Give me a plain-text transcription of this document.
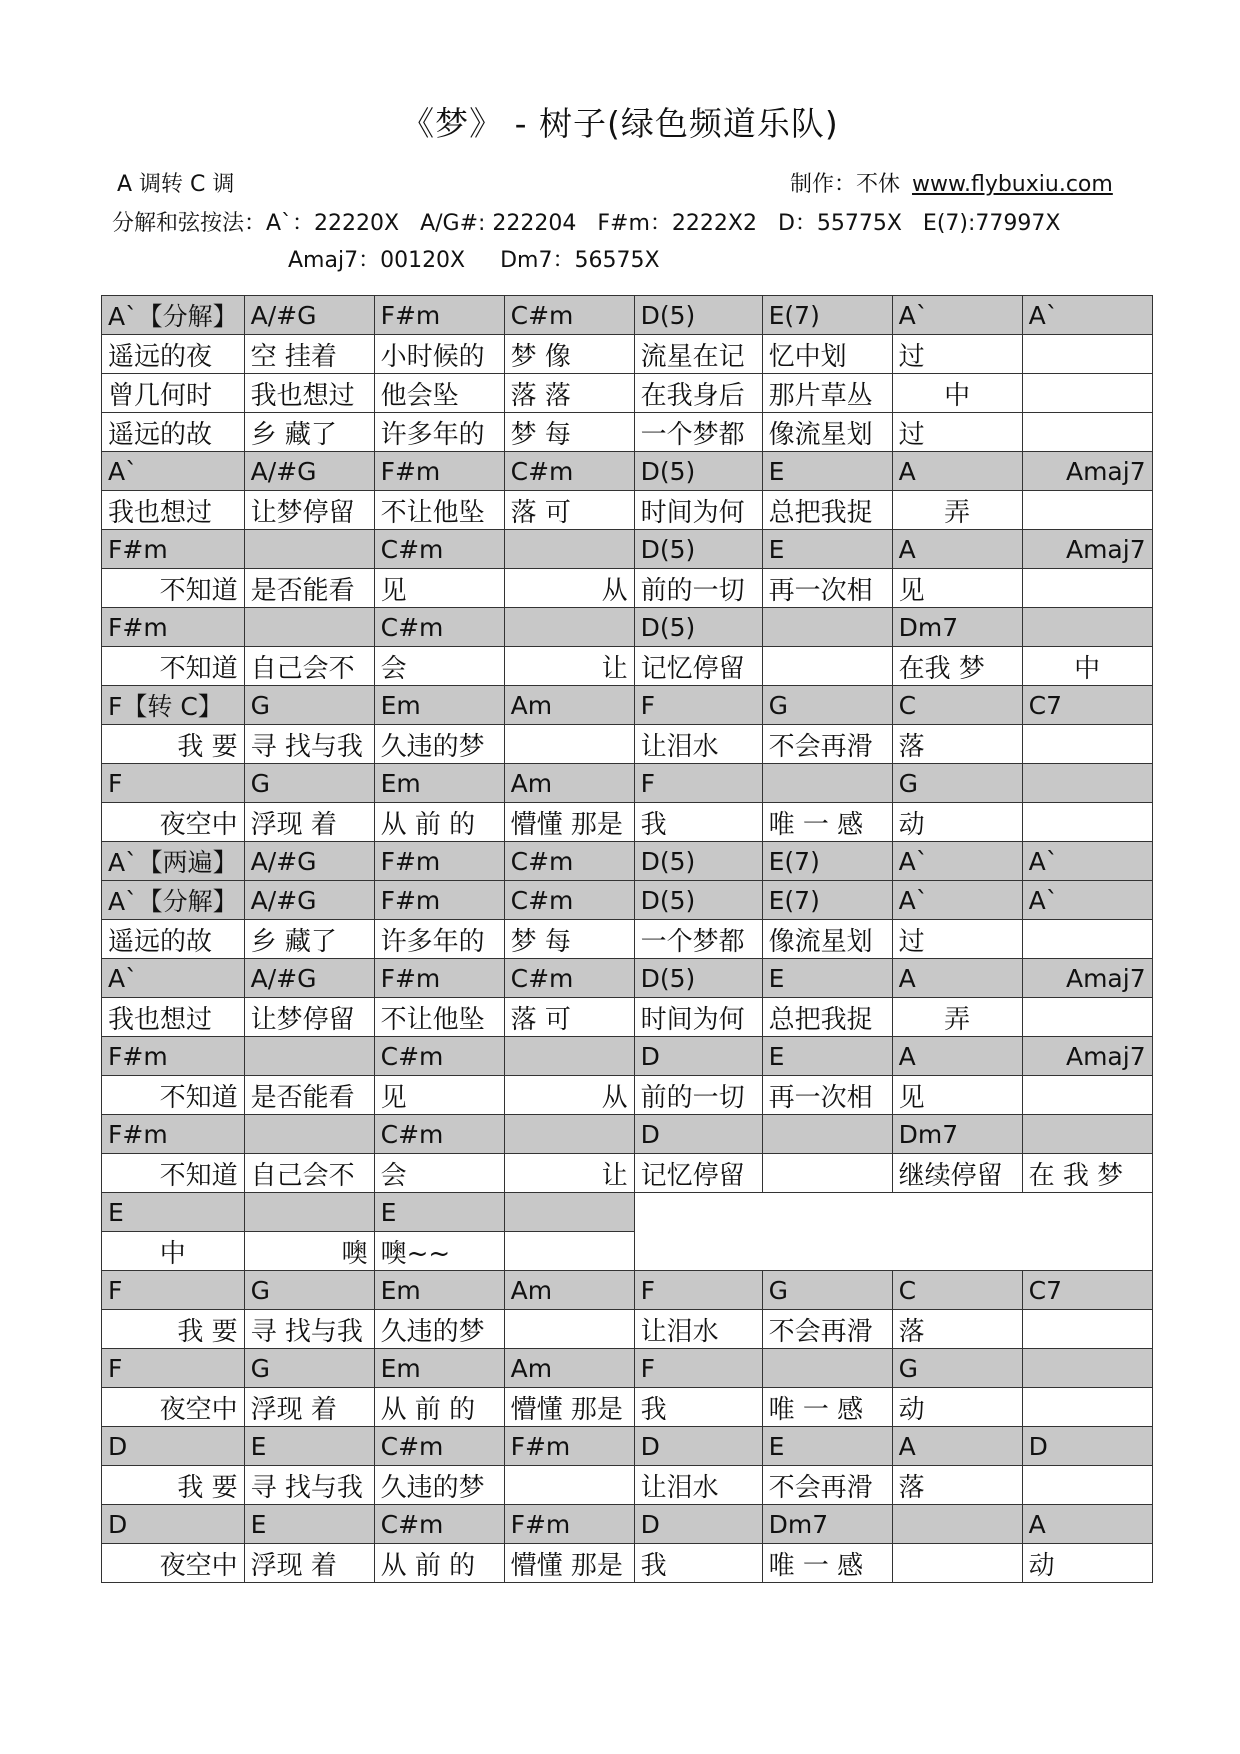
《梦》 - 树子(绿色频道乐队)
A 调转 C 调	制作：不休 www.flybuxiu.com
分解和弦按法：A`：22220X   A/G#: 222204   F#m：2222X2   D：55775X   E(7):77997X
Amaj7：00120X     Dm7：56575X
A`【分解】	A/#G	F#m	C#m	D(5)	E(7)	A`	A`
遥远的夜	空 挂着	小时候的	梦 像	流星在记	忆中划	过	
曾几何时	我也想过	他会坠	落 落	在我身后	那片草丛	中	
遥远的故	乡 藏了	许多年的	梦 每	一个梦都	像流星划	过	
A`	A/#G	F#m	C#m	D(5)	E	A	Amaj7
我也想过	让梦停留	不让他坠	落 可	时间为何	总把我捉	弄	
F#m		C#m		D(5)	E	A	Amaj7
不知道	是否能看	见	从	前的一切	再一次相	见	
F#m		C#m		D(5)		Dm7	
不知道	自己会不	会	让	记忆停留		在我 梦	中
F【转 C】	G	Em	Am	F	G	C	C7
我 要	寻 找与我	久违的梦		让泪水	不会再滑	落	
F	G	Em	Am	F		G	
夜空中	浮现 着	从 前 的	懵懂 那是	我	唯 一 感	动	
A`【两遍】	A/#G	F#m	C#m	D(5)	E(7)	A`	A`
A`【分解】	A/#G	F#m	C#m	D(5)	E(7)	A`	A`
遥远的故	乡 藏了	许多年的	梦 每	一个梦都	像流星划	过	
A`	A/#G	F#m	C#m	D(5)	E	A	Amaj7
我也想过	让梦停留	不让他坠	落 可	时间为何	总把我捉	弄	
F#m		C#m		D	E	A	Amaj7
不知道	是否能看	见	从	前的一切	再一次相	见	
F#m		C#m		D		Dm7	
不知道	自己会不	会	让	记忆停留		继续停留	在 我 梦
E		E					
中	噢	噢~~					
F	G	Em	Am	F	G	C	C7
我 要	寻 找与我	久违的梦		让泪水	不会再滑	落	
F	G	Em	Am	F		G	
夜空中	浮现 着	从 前 的	懵懂 那是	我	唯 一 感	动	
D	E	C#m	F#m	D	E	A	D
我 要	寻 找与我	久违的梦		让泪水	不会再滑	落	
D	E	C#m	F#m	D	Dm7		A
夜空中	浮现 着	从 前 的	懵懂 那是	我	唯 一 感		动
